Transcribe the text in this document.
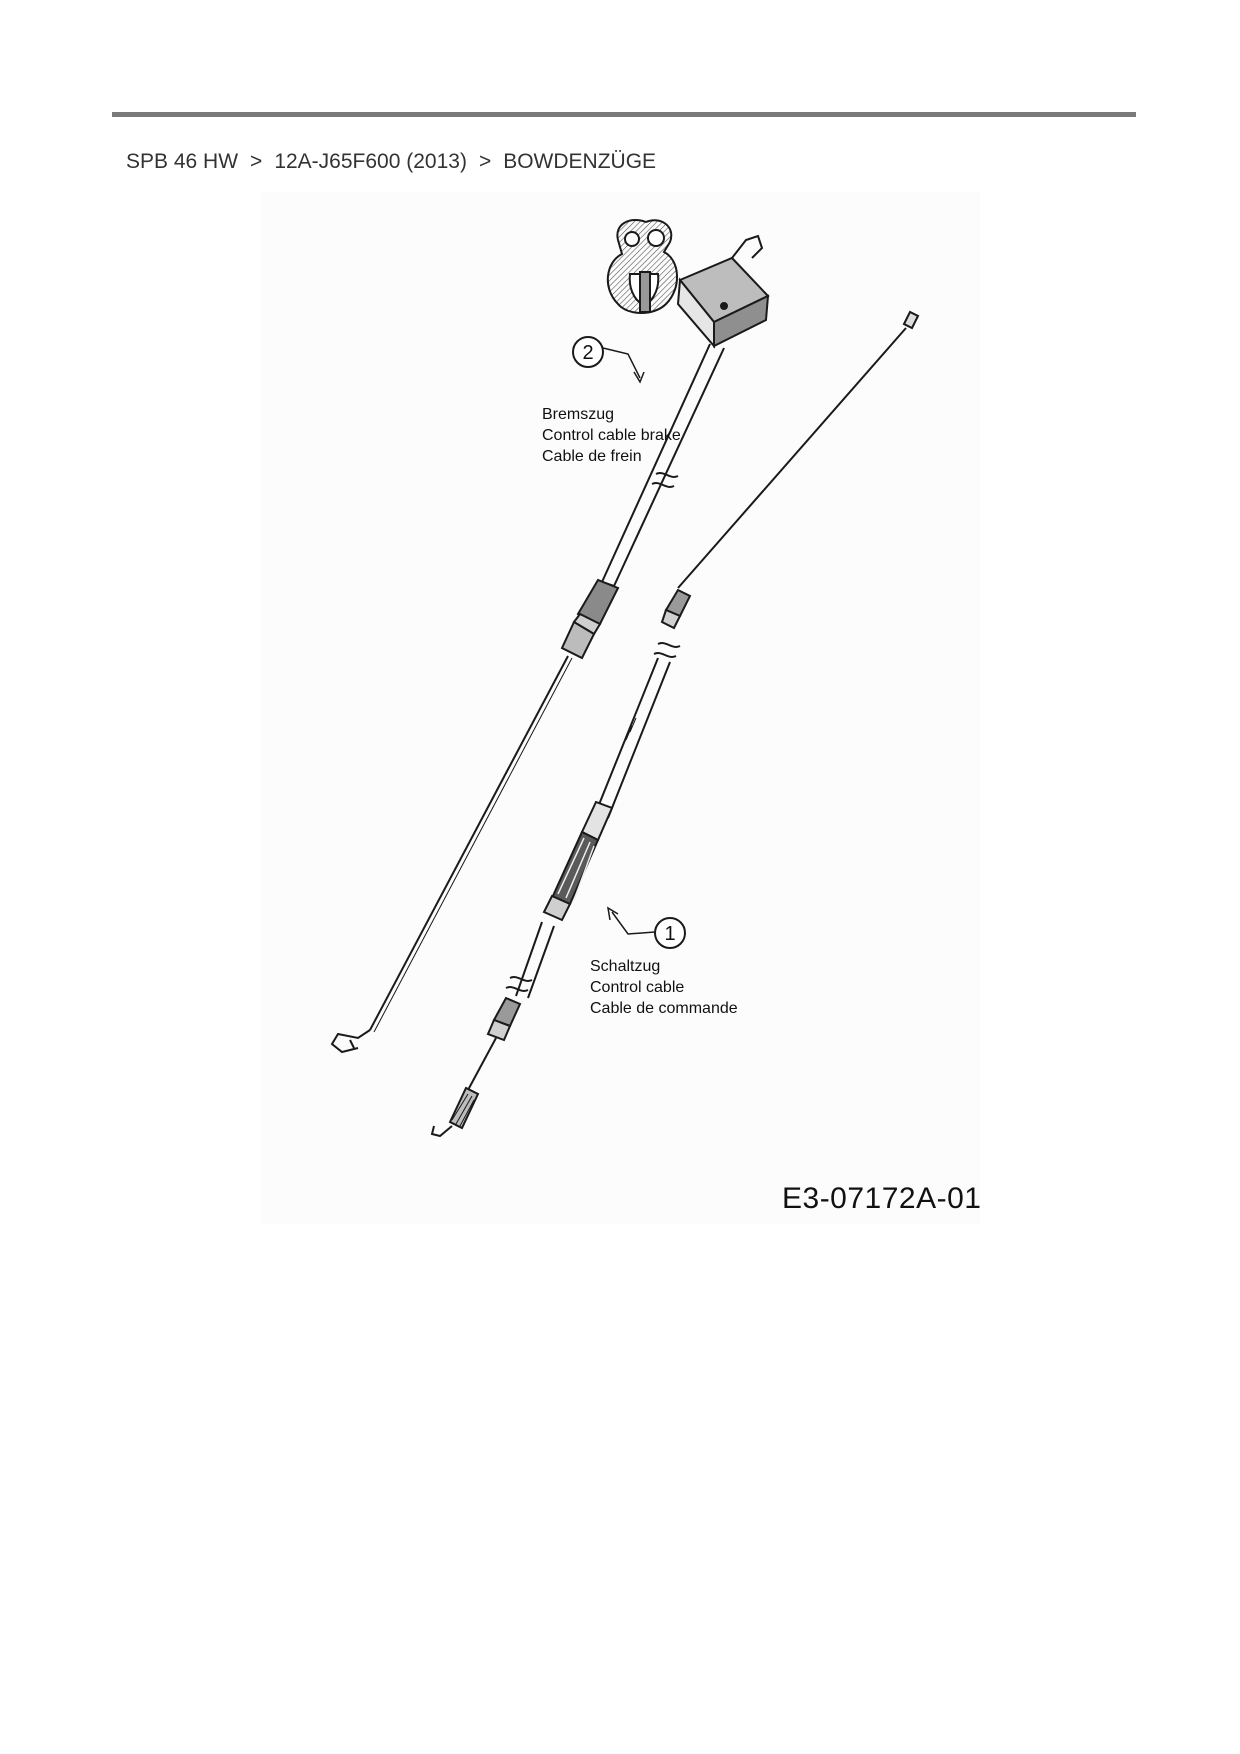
SPB 46 HW > 12A-J65F600 (2013) > BOWDENZÜGE
2
1
Bremszug
Control cable brake
Cable de frein
Schaltzug
Control cable
Cable de commande
E3-07172A-01
